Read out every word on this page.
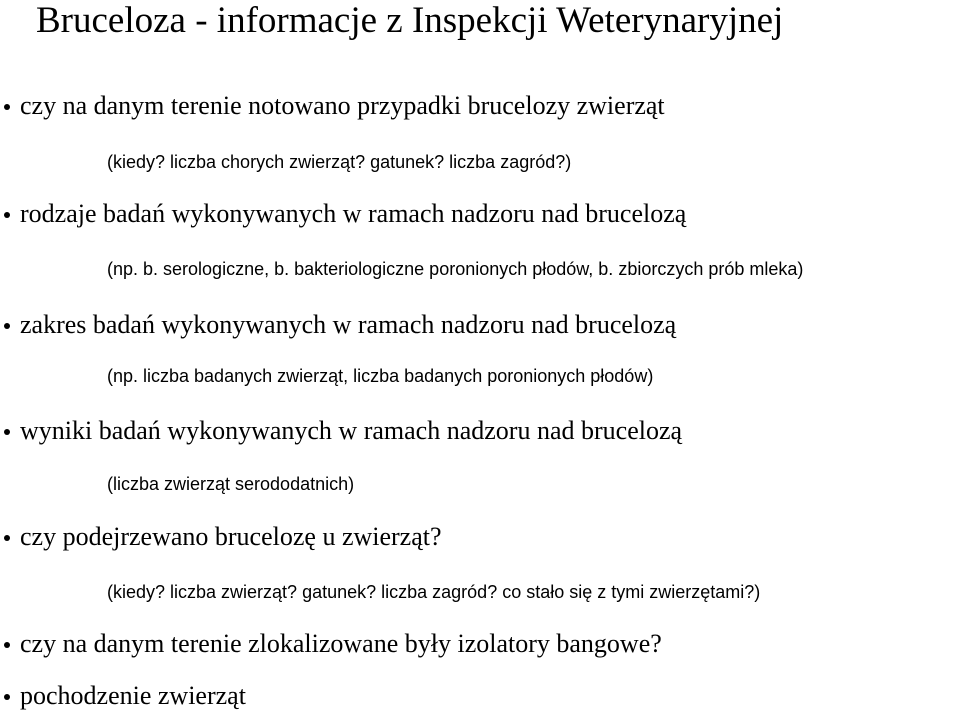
Bruceloza - informacje z Inspekcji Weterynaryjnej
czy na danym terenie notowano przypadki brucelozy zwierząt
(kiedy? liczba chorych zwierząt? gatunek? liczba zagród?)
rodzaje badań wykonywanych w ramach nadzoru nad brucelozą
(np. b. serologiczne, b. bakteriologiczne poronionych płodów, b. zbiorczych prób mleka)
zakres badań wykonywanych w ramach nadzoru nad brucelozą
(np. liczba badanych zwierząt, liczba badanych poronionych płodów)
wyniki badań wykonywanych w ramach nadzoru nad brucelozą
(liczba zwierząt serododatnich)
czy podejrzewano brucelozę u zwierząt?
(kiedy? liczba zwierząt? gatunek? liczba zagród? co stało się z tymi zwierzętami?)
czy na danym terenie zlokalizowane były izolatory bangowe?
pochodzenie zwierząt
